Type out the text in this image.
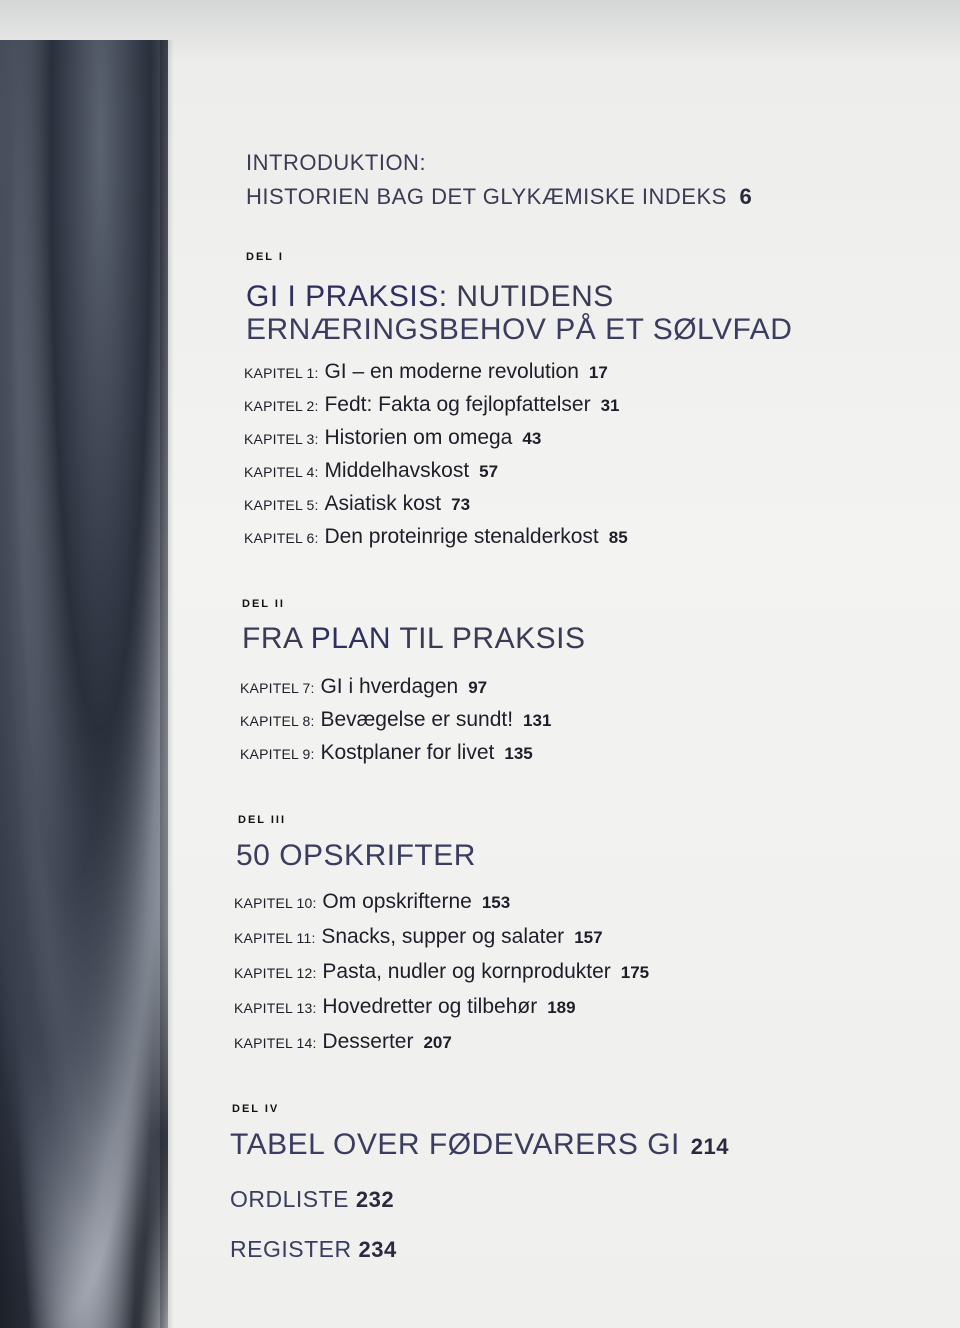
INTRODUKTION:
HISTORIEN BAG DET GLYKÆMISKE INDEKS 6
DEL I
GI I PRAKSIS: NUTIDENS
ERNÆRINGSBEHOV PÅ ET SØLVFAD
KAPITEL 1 : GI – en moderne revolution 17
KAPITEL 2 : Fedt: Fakta og fejlopfattelser 31
KAPITEL 3 : Historien om omega 43
KAPITEL 4 : Middelhavskost 57
KAPITEL 5 : Asiatisk kost 73
KAPITEL 6 : Den proteinrige stenalderkost 85
DEL II
FRA PLAN TIL PRAKSIS
KAPITEL 7 : GI i hverdagen 97
KAPITEL 8 : Bevægelse er sundt! 131
KAPITEL 9 : Kostplaner for livet 135
DEL III
50 OPSKRIFTER
KAPITEL 10 : Om opskrifterne 153
KAPITEL 11 : Snacks, supper og salater 157
KAPITEL 12 : Pasta, nudler og kornprodukter 175
KAPITEL 13 : Hovedretter og tilbehør 189
KAPITEL 14 : Desserter 207
DEL IV
TABEL OVER FØDEVARERS GI 214
ORDLISTE 232
REGISTER 234
